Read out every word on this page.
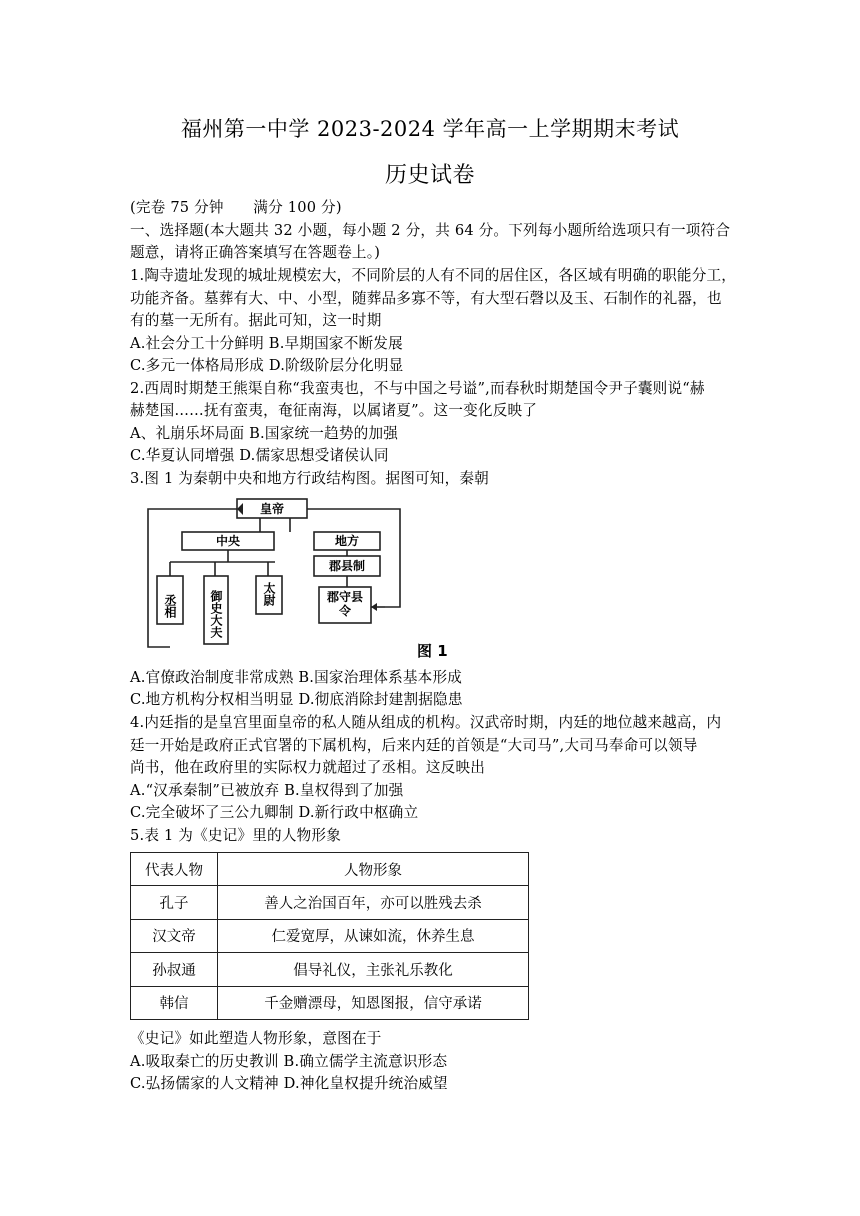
福州第一中学 2023-2024 学年高一上学期期末考试
历史试卷
(完卷 75 分钟　　满分 100 分)
一、选择题(本大题共 32 小题，每小题 2 分，共 64 分。下列每小题所给选项只有一项符合
题意，请将正确答案填写在答题卷上。)
1.陶寺遗址发现的城址规模宏大，不同阶层的人有不同的居住区，各区域有明确的职能分工，
功能齐备。墓葬有大、中、小型，随葬品多寡不等，有大型石磬以及玉、石制作的礼器，也
有的墓一无所有。据此可知，这一时期
A.社会分工十分鲜明 B.早期国家不断发展
C.多元一体格局形成 D.阶级阶层分化明显
2.西周时期楚王熊渠自称“我蛮夷也，不与中国之号谥”,而春秋时期楚国令尹子囊则说“赫
赫楚国……抚有蛮夷，奄征南海，以属诸夏”。这一变化反映了
A、礼崩乐坏局面 B.国家统一趋势的加强
C.华夏认同增强 D.儒家思想受诸侯认同
3.图 1 为秦朝中央和地方行政结构图。据图可知，秦朝
皇帝
中央	地方
郡县制
丞相	御史大夫	太尉	郡守县令
图 1
A.官僚政治制度非常成熟 B.国家治理体系基本形成
C.地方机构分权相当明显 D.彻底消除封建割据隐患
4.内廷指的是皇宫里面皇帝的私人随从组成的机构。汉武帝时期，内廷的地位越来越高，内
廷一开始是政府正式官署的下属机构，后来内廷的首领是“大司马”,大司马奉命可以领导
尚书，他在政府里的实际权力就超过了丞相。这反映出
A.“汉承秦制”已被放弃 B.皇权得到了加强
C.完全破坏了三公九卿制 D.新行政中枢确立
5.表 1 为《史记》里的人物形象
代表人物	人物形象
孔子	善人之治国百年，亦可以胜残去杀
汉文帝	仁爱宽厚，从谏如流，休养生息
孙叔通	倡导礼仪，主张礼乐教化
韩信	千金赠漂母，知恩图报，信守承诺
《史记》如此塑造人物形象，意图在于
A.吸取秦亡的历史教训 B.确立儒学主流意识形态
C.弘扬儒家的人文精神 D.神化皇权提升统治威望
